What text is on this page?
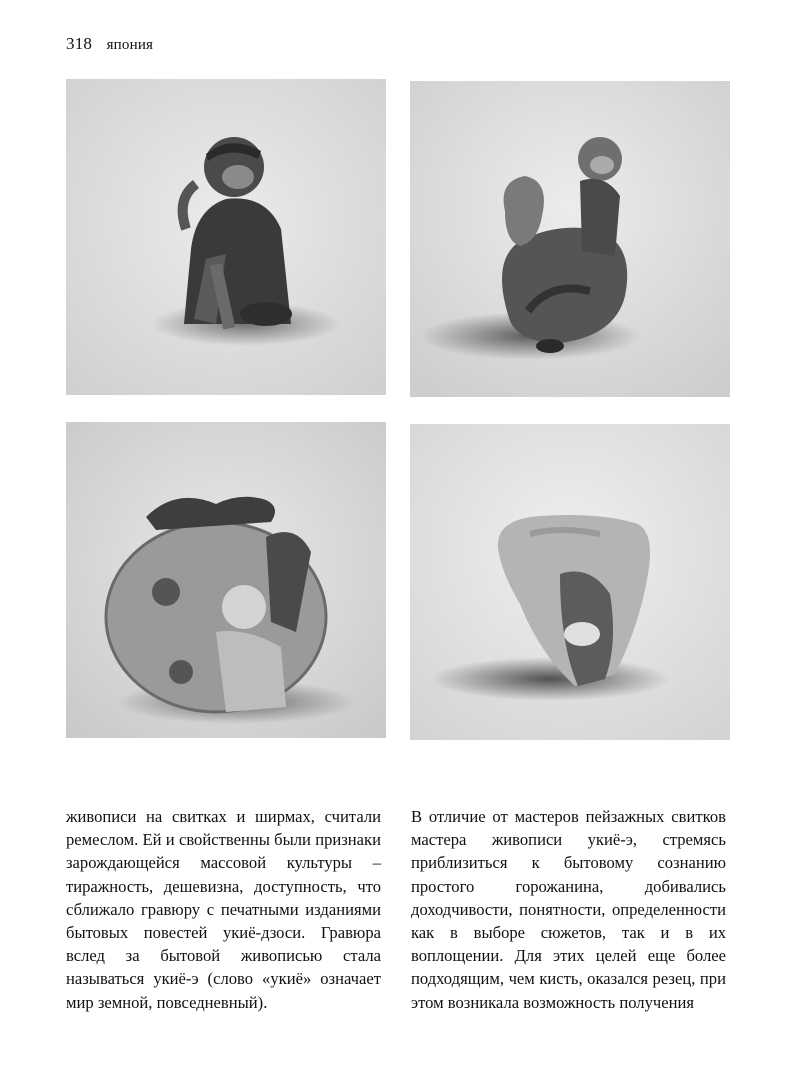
318 япония

живописи на свитках и ширмах, считали ремеслом. Ей и свойственны были признаки зарождающейся массовой культуры – тиражность, дешевизна, доступность, что сближало гравюру с печатными изданиями бытовых повестей укиё-дзоси. Гравюра вслед за бытовой живописью стала называться укиё-э (слово «укиё» означает мир земной, повседневный).

В отличие от мастеров пейзажных свитков мастера живописи укиё-э, стремясь приблизиться к бытовому сознанию простого горожанина, добивались доходчивости, понятности, определенности как в выборе сюжетов, так и в их воплощении. Для этих целей еще более подходящим, чем кисть, оказался резец, при этом возникала возможность получения
